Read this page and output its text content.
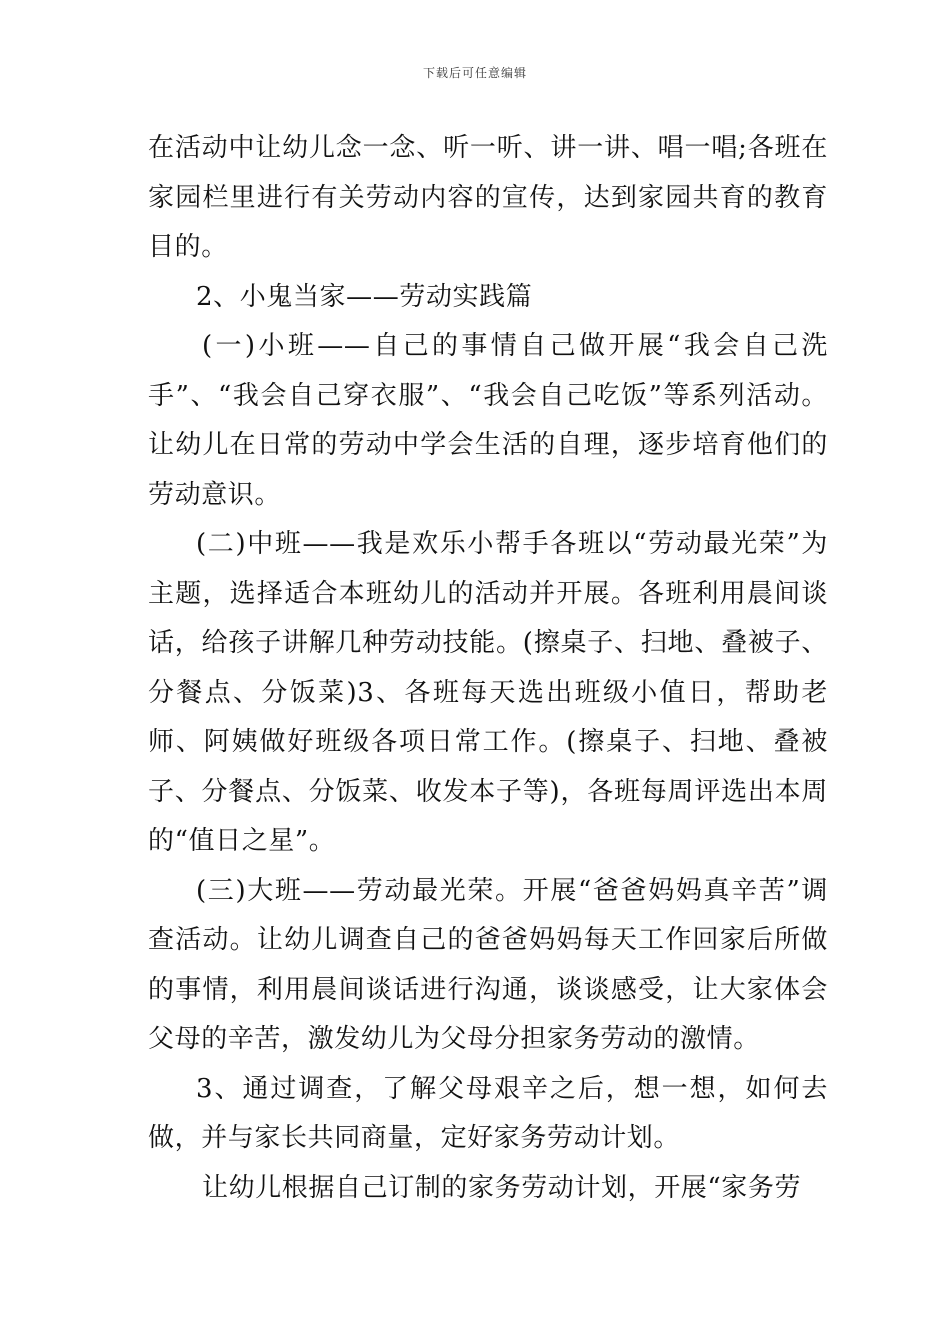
下载后可任意编辑

在活动中让幼儿念一念、听一听、讲一讲、唱一唱;各班在家园栏里进行有关劳动内容的宣传，达到家园共育的教育目的。

2、小鬼当家——劳动实践篇

(一)小班——自己的事情自己做开展“我会自己洗手”、“我会自己穿衣服”、“我会自己吃饭”等系列活动。让幼儿在日常的劳动中学会生活的自理，逐步培育他们的劳动意识。

(二)中班——我是欢乐小帮手各班以“劳动最光荣”为主题，选择适合本班幼儿的活动并开展。各班利用晨间谈话，给孩子讲解几种劳动技能。(擦桌子、扫地、叠被子、分餐点、分饭菜)3、各班每天选出班级小值日，帮助老师、阿姨做好班级各项日常工作。(擦桌子、扫地、叠被子、分餐点、分饭菜、收发本子等)，各班每周评选出本周的“值日之星”。

(三)大班——劳动最光荣。开展“爸爸妈妈真辛苦”调查活动。让幼儿调查自己的爸爸妈妈每天工作回家后所做的事情，利用晨间谈话进行沟通，谈谈感受，让大家体会父母的辛苦，激发幼儿为父母分担家务劳动的激情。

3、通过调查，了解父母艰辛之后，想一想，如何去做，并与家长共同商量，定好家务劳动计划。

让幼儿根据自己订制的家务劳动计划，开展“家务劳
